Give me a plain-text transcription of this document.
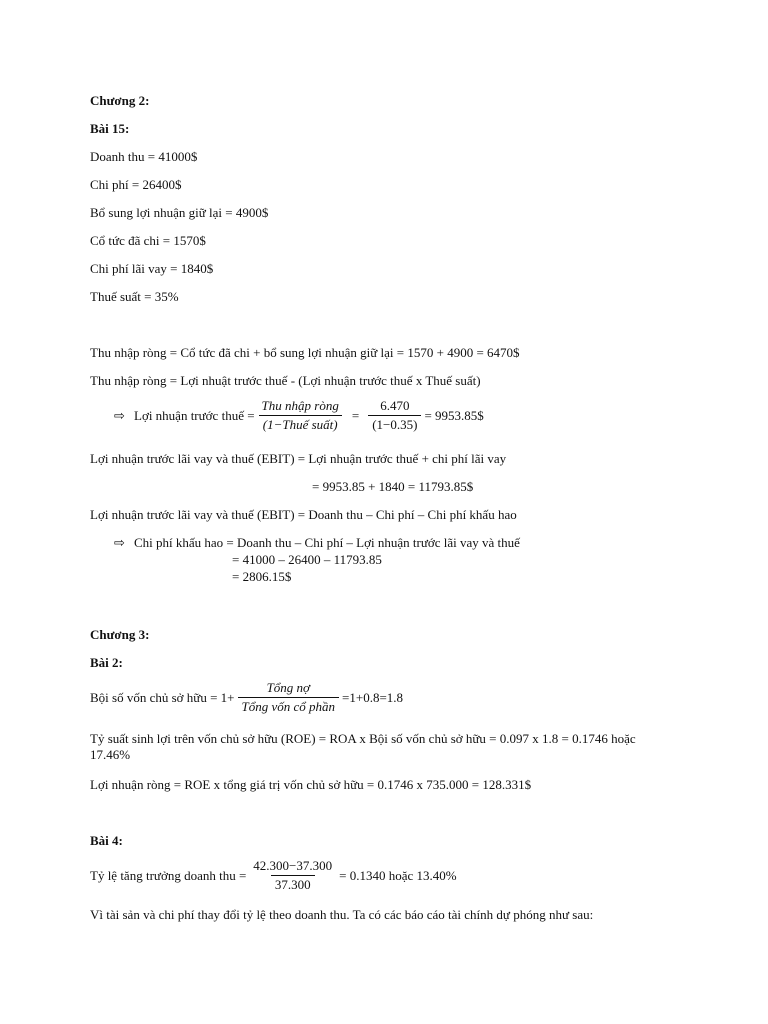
Chương 2:
Bài 15:
Doanh thu = 41000$
Chi phí = 26400$
Bổ sung lợi nhuận giữ lại = 4900$
Cổ tức đã chi = 1570$
Chi phí lãi vay = 1840$
Thuế suất = 35%
Thu nhập ròng = Cổ tức đã chi + bổ sung lợi nhuận giữ lại = 1570 + 4900 = 6470$
Thu nhập ròng = Lợi nhuật trước thuế - (Lợi nhuận trước thuế x Thuế suất)
⇨ Lợi nhuận trước thuế = $\frac{\text{Thu nhập ròng}}{\text{(1−Thuế suất)}} = \frac{6.470}{(1-0.35)}$ = 9953.85$
Lợi nhuận trước lãi vay và thuế (EBIT) = Lợi nhuận trước thuế + chi phí lãi vay
= 9953.85 + 1840 = 11793.85$
Lợi nhuận trước lãi vay và thuế (EBIT) = Doanh thu – Chi phí – Chi phí khấu hao
⇨ Chi phí khấu hao = Doanh thu – Chi phí – Lợi nhuận trước lãi vay và thuế
= 41000 – 26400 – 11793.85
= 2806.15$
Chương 3:
Bài 2:
Bội số vốn chủ sở hữu = $1+ \frac{\text{Tổng nợ}}{\text{Tổng vốn cổ phần}} =1+0.8=1.8$
Tỷ suất sinh lợi trên vốn chủ sở hữu (ROE) = ROA x Bội số vốn chủ sở hữu = 0.097 x 1.8 = 0.1746 hoặc
17.46%
Lợi nhuận ròng = ROE x tổng giá trị vốn chủ sở hữu = 0.1746 x 735.000 = 128.331$
Bài 4:
Tỷ lệ tăng trưởng doanh thu = $\frac{42.300-37.300}{37.300} = 0.1340$ hoặc 13.40%
Vì tài sản và chi phí thay đổi tỷ lệ theo doanh thu. Ta có các báo cáo tài chính dự phóng như sau:
